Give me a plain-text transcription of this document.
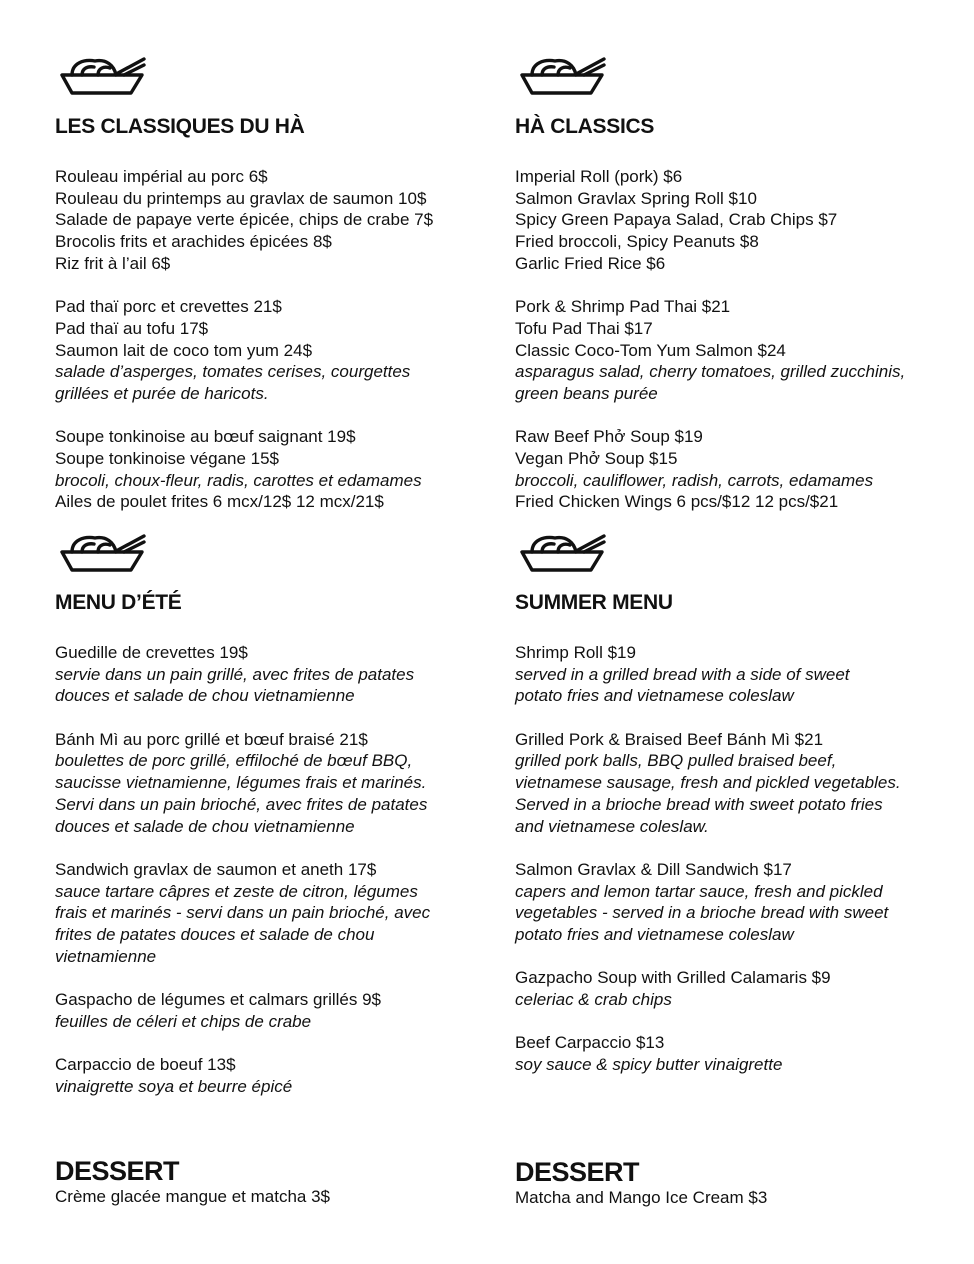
LES CLASSIQUES DU HÀ
Rouleau impérial au porc 6$
Rouleau du printemps au gravlax de saumon 10$
Salade de papaye verte épicée, chips de crabe 7$
Brocolis frits et arachides épicées 8$
Riz frit à l’ail 6$
Pad thaï porc et crevettes 21$
Pad thaï au tofu 17$
Saumon lait de coco tom yum 24$
salade d’asperges, tomates cerises, courgettes
grillées et purée de haricots.
Soupe tonkinoise au bœuf saignant 19$
Soupe tonkinoise végane 15$
brocoli, choux-fleur, radis, carottes et edamames
Ailes de poulet frites 6 mcx/12$ 12 mcx/21$
MENU D’ÉTÉ
Guedille de crevettes 19$
servie dans un pain grillé, avec frites de patates
douces et salade de chou vietnamienne
Bánh Mì au porc grillé et bœuf braisé 21$
boulettes de porc grillé, effiloché de bœuf BBQ,
saucisse vietnamienne, légumes frais et marinés.
Servi dans un pain brioché, avec frites de patates
douces et salade de chou vietnamienne
Sandwich gravlax de saumon et aneth 17$
sauce tartare câpres et zeste de citron, légumes
frais et marinés - servi dans un pain brioché, avec
frites de patates douces et salade de chou
vietnamienne
Gaspacho de légumes et calmars grillés 9$
feuilles de céleri et chips de crabe
Carpaccio de boeuf 13$
vinaigrette soya et beurre épicé
DESSERT
Crème glacée mangue et matcha 3$
HÀ CLASSICS
Imperial Roll (pork) $6
Salmon Gravlax Spring Roll $10
Spicy Green Papaya Salad, Crab Chips $7
Fried broccoli, Spicy Peanuts $8
Garlic Fried Rice $6
Pork & Shrimp Pad Thai $21
Tofu Pad Thai $17
Classic Coco-Tom Yum Salmon $24
asparagus salad, cherry tomatoes, grilled zucchinis,
green beans purée
Raw Beef Phở Soup $19
Vegan Phở Soup $15
broccoli, cauliflower, radish, carrots, edamames
Fried Chicken Wings 6 pcs/$12 12 pcs/$21
SUMMER MENU
Shrimp Roll $19
served in a grilled bread with a side of sweet
potato fries and vietnamese coleslaw
Grilled Pork & Braised Beef Bánh Mì $21
grilled pork balls, BBQ pulled braised beef,
vietnamese sausage, fresh and pickled vegetables.
Served in a brioche bread with sweet potato fries
and vietnamese coleslaw.
Salmon Gravlax & Dill Sandwich $17
capers and lemon tartar sauce, fresh and pickled
vegetables - served in a brioche bread with sweet
potato fries and vietnamese coleslaw
Gazpacho Soup with Grilled Calamaris $9
celeriac & crab chips
Beef Carpaccio $13
soy sauce & spicy butter vinaigrette
DESSERT
Matcha and Mango Ice Cream $3
